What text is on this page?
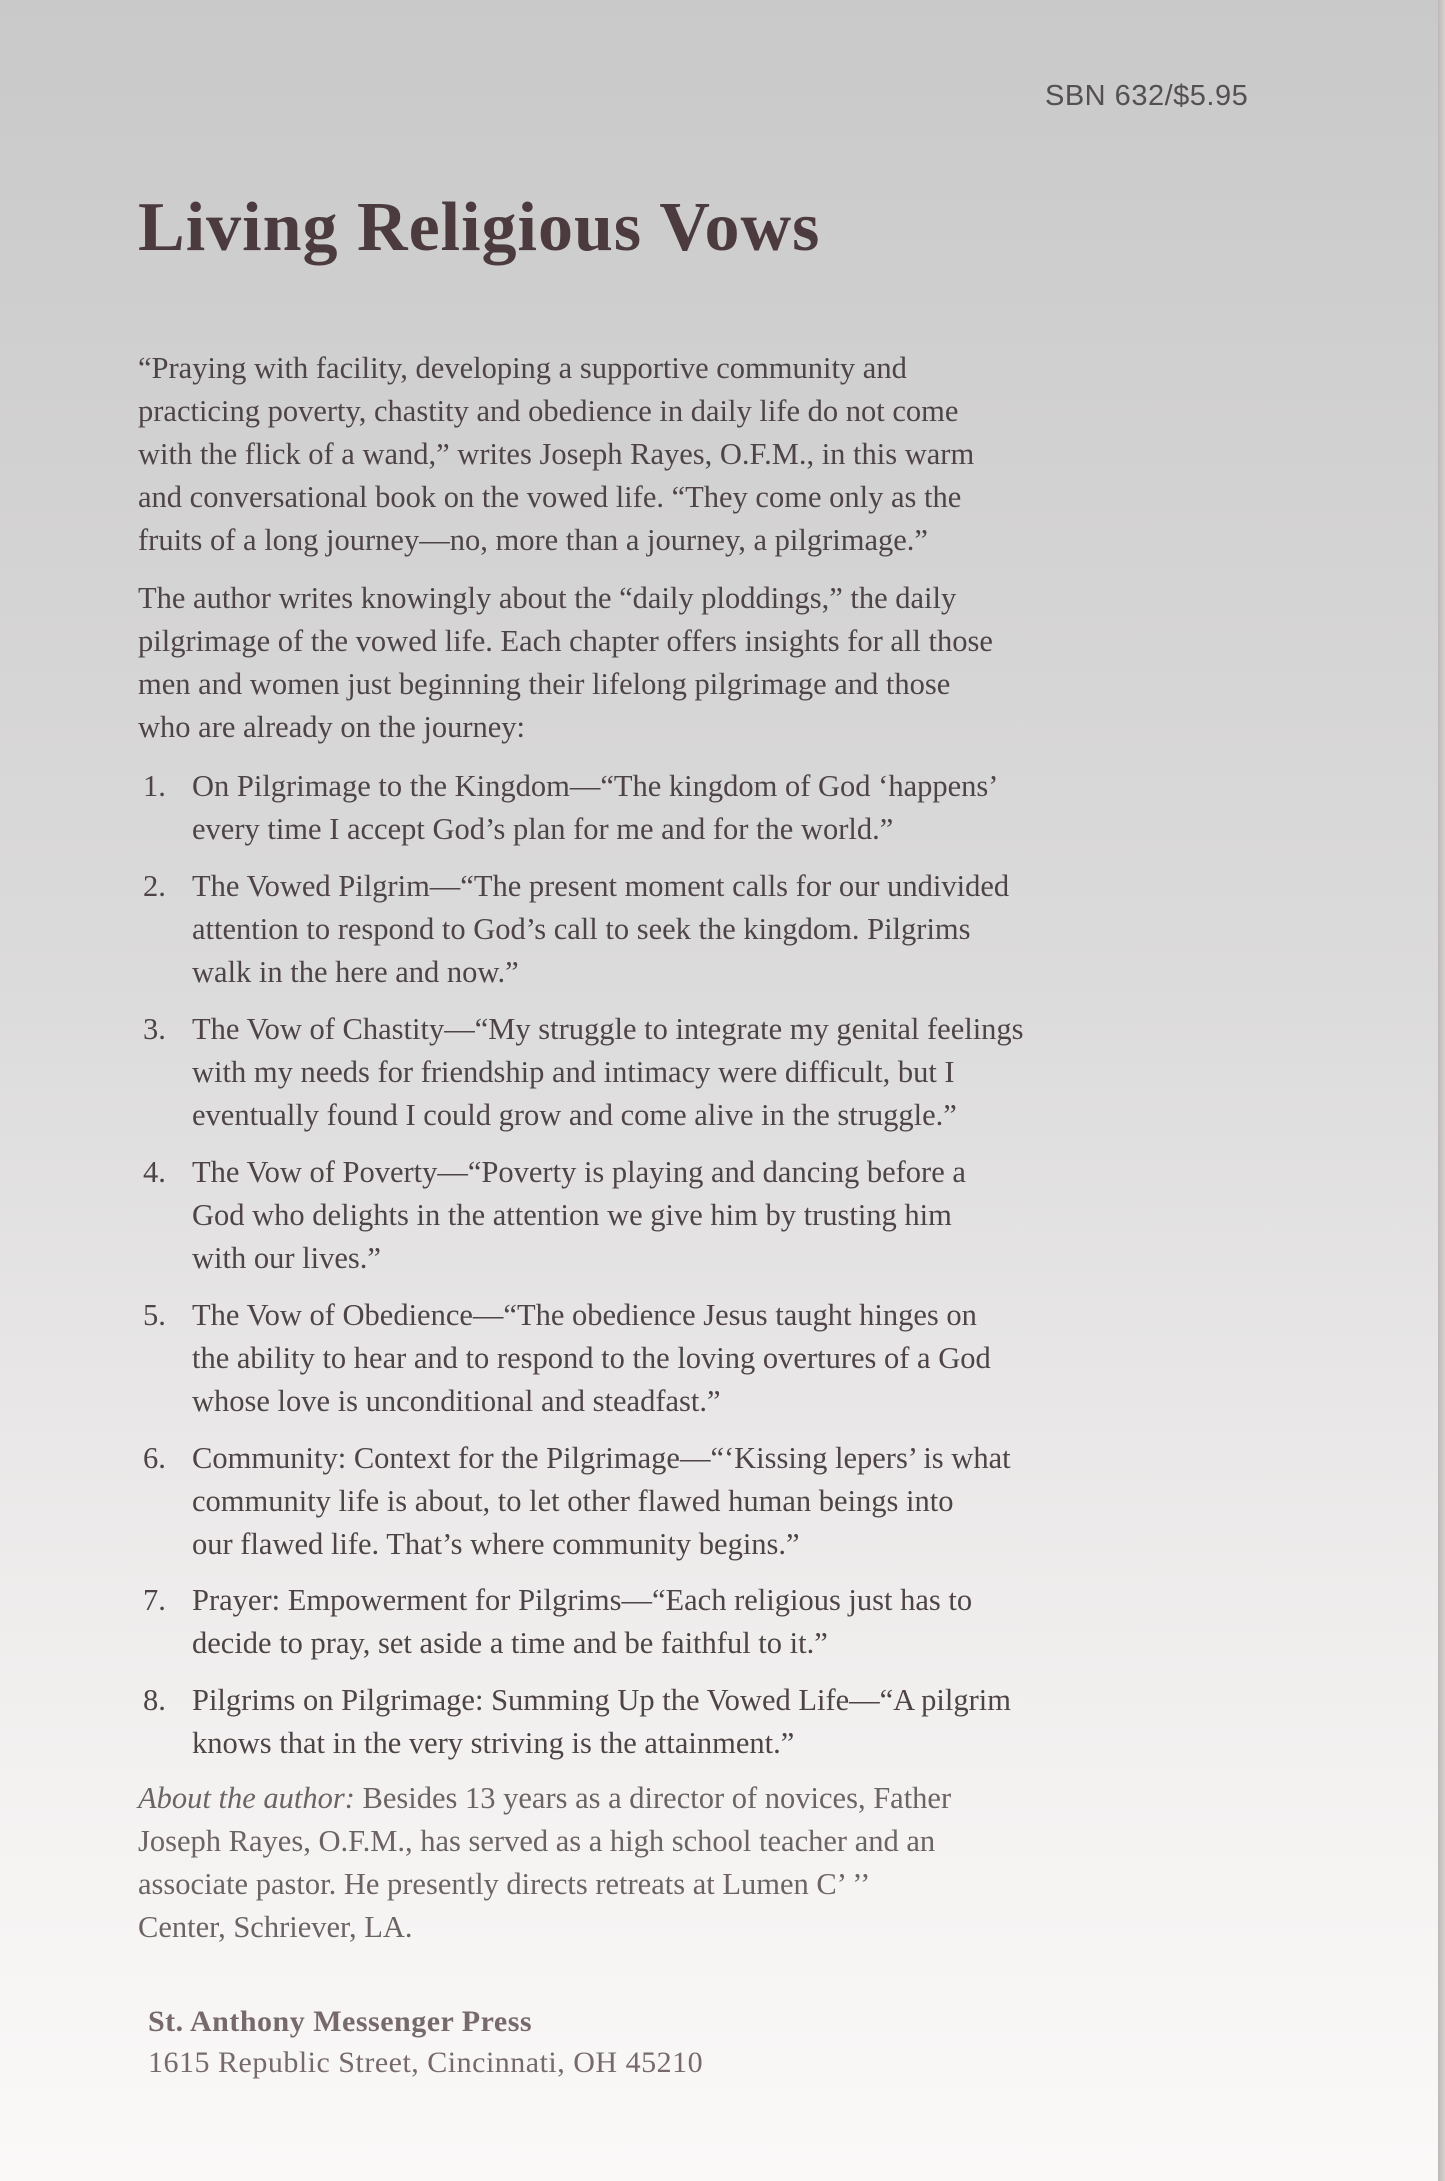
SBN 632/$5.95
Living Religious Vows
“Praying with facility, developing a supportive community and
practicing poverty, chastity and obedience in daily life do not come
with the flick of a wand,” writes Joseph Rayes, O.F.M., in this warm
and conversational book on the vowed life. “They come only as the
fruits of a long journey—no, more than a journey, a pilgrimage.”
The author writes knowingly about the “daily ploddings,” the daily
pilgrimage of the vowed life. Each chapter offers insights for all those
men and women just beginning their lifelong pilgrimage and those
who are already on the journey:
1. On Pilgrimage to the Kingdom—“The kingdom of God ‘happens’
every time I accept God’s plan for me and for the world.”
2. The Vowed Pilgrim—“The present moment calls for our undivided
attention to respond to God’s call to seek the kingdom. Pilgrims
walk in the here and now.”
3. The Vow of Chastity—“My struggle to integrate my genital feelings
with my needs for friendship and intimacy were difficult, but I
eventually found I could grow and come alive in the struggle.”
4. The Vow of Poverty—“Poverty is playing and dancing before a
God who delights in the attention we give him by trusting him
with our lives.”
5. The Vow of Obedience—“The obedience Jesus taught hinges on
the ability to hear and to respond to the loving overtures of a God
whose love is unconditional and steadfast.”
6. Community: Context for the Pilgrimage—“‘Kissing lepers’ is what
community life is about, to let other flawed human beings into
our flawed life. That’s where community begins.”
7. Prayer: Empowerment for Pilgrims—“Each religious just has to
decide to pray, set aside a time and be faithful to it.”
8. Pilgrims on Pilgrimage: Summing Up the Vowed Life—“A pilgrim
knows that in the very striving is the attainment.”
About the author: Besides 13 years as a director of novices, Father
Joseph Rayes, O.F.M., has served as a high school teacher and an
associate pastor. He presently directs retreats at Lumen C’ ’’
Center, Schriever, LA.
St. Anthony Messenger Press
1615 Republic Street, Cincinnati, OH 45210
